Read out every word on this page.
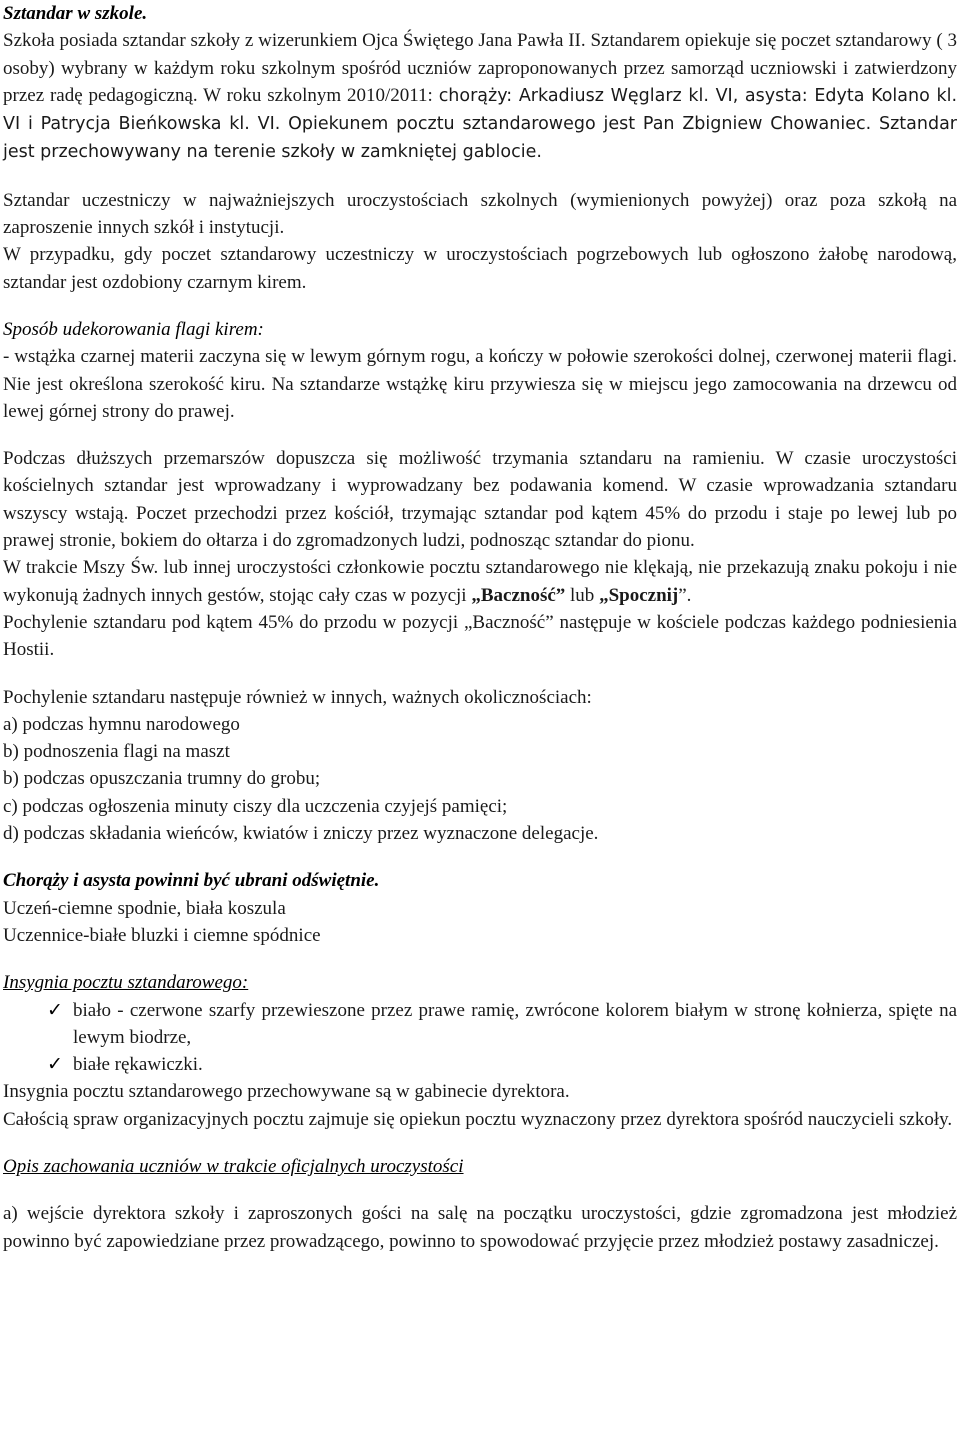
Sztandar w szkole.
Szkoła posiada sztandar szkoły z wizerunkiem Ojca Świętego Jana Pawła II. Sztandarem opiekuje się poczet sztandarowy ( 3 osoby) wybrany w każdym roku szkolnym spośród uczniów zaproponowanych przez samorząd uczniowski i zatwierdzony przez radę pedagogiczną. W roku szkolnym 2010/2011: chorąży: Arkadiusz Węglarz kl. VI, asysta: Edyta Kolano kl. VI i Patrycja Bieńkowska kl. VI. Opiekunem pocztu sztandarowego jest Pan Zbigniew Chowaniec. Sztandar jest przechowywany na terenie szkoły w zamkniętej gablocie.
Sztandar uczestniczy w najważniejszych uroczystościach szkolnych (wymienionych powyżej) oraz poza szkołą na zaproszenie innych szkół i instytucji.
W przypadku, gdy poczet sztandarowy uczestniczy w uroczystościach pogrzebowych lub ogłoszono żałobę narodową, sztandar jest ozdobiony czarnym kirem.
Sposób udekorowania flagi kirem:
- wstążka czarnej materii zaczyna się w lewym górnym rogu, a kończy w połowie szerokości dolnej, czerwonej materii flagi. Nie jest określona szerokość kiru. Na sztandarze wstążkę kiru przywiesza się w miejscu jego zamocowania na drzewcu od lewej górnej strony do prawej.
Podczas dłuższych przemarszów dopuszcza się możliwość trzymania sztandaru na ramieniu. W czasie uroczystości kościelnych sztandar jest wprowadzany i wyprowadzany bez podawania komend. W czasie wprowadzania sztandaru wszyscy wstają. Poczet przechodzi przez kościół, trzymając sztandar pod kątem 45% do przodu i staje po lewej lub po prawej stronie, bokiem do ołtarza i do zgromadzonych ludzi, podnosząc sztandar do pionu.
W trakcie Mszy Św. lub innej uroczystości członkowie pocztu sztandarowego nie klękają, nie przekazują znaku pokoju i nie wykonują żadnych innych gestów, stojąc cały czas w pozycji „Baczność” lub „Spocznij”.
Pochylenie sztandaru pod kątem 45% do przodu w pozycji „Baczność” następuje w kościele podczas każdego podniesienia Hostii.
Pochylenie sztandaru następuje również w innych, ważnych okolicznościach:
a) podczas hymnu narodowego
b) podnoszenia flagi na maszt
b) podczas opuszczania trumny do grobu;
c) podczas ogłoszenia minuty ciszy dla uczczenia czyjejś pamięci;
d) podczas składania wieńców, kwiatów i zniczy przez wyznaczone delegacje.
Chorąży i asysta powinni być ubrani odświętnie.
Uczeń-ciemne spodnie, biała koszula
Uczennice-białe bluzki i ciemne spódnice
Insygnia pocztu sztandarowego:
✓ biało - czerwone szarfy przewieszone przez prawe ramię, zwrócone kolorem białym w stronę kołnierza, spięte na lewym biodrze,
✓ białe rękawiczki.
Insygnia pocztu sztandarowego przechowywane są w gabinecie dyrektora.
Całością spraw organizacyjnych pocztu zajmuje się opiekun pocztu wyznaczony przez dyrektora spośród nauczycieli szkoły.
Opis zachowania uczniów w trakcie oficjalnych uroczystości
a) wejście dyrektora szkoły i zaproszonych gości na salę na początku uroczystości, gdzie zgromadzona jest młodzież powinno być zapowiedziane przez prowadzącego, powinno to spowodować przyjęcie przez młodzież postawy zasadniczej.
